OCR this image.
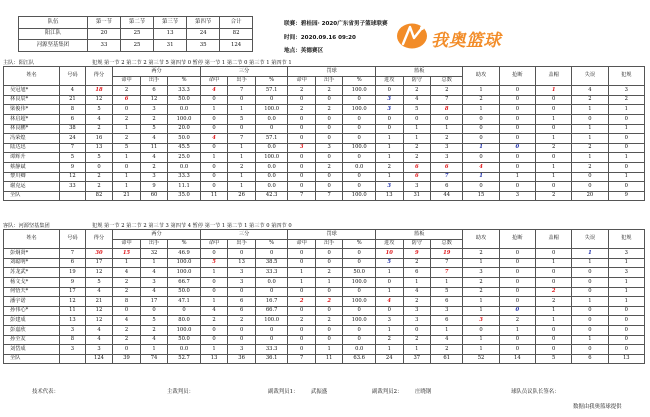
队伍	第一节	第二节	第三节	第四节	合计
阳江队	20	25	13	24	82
河源坚基集团	33	25	31	35	124
联赛：碧桂园· 2020广东省男子篮球联赛
时间：2020.09.16 09:20
地点：英德赛区	我奥篮球
主队：阳江队	犯规 第一节 2 第二节 2 第三节 5 第四节 0 暂停 第一节 1 第二节 0 第三节 1 第四节 1
姓名	号码	得分	两分			三分			罚球			篮板			助攻	抢断	盖帽	失误	犯规
			命中	出手	%	命中	出手	%	命中	出手	%	进攻	防守	总数					
吴冠旭*	4	18	2	6	33.3	4	7	57.1	2	2	100.0	0	2	2	1	0	1	4	3
林良辰*	21	12	6	12	50.0	0	0	0	0	0	0	3	4	7	2	0	0	2	2
梁俊伟*	8	5	0	3	0.0	1	1	100.0	2	2	100.0	3	5	8	1	0	0	1	1
林启超*	6	4	2	2	100.0	0	5	0.0	0	0	0	0	0	0	0	0	1	0	0
林良鹏*	38	2	1	5	20.0	0	0	0	0	0	0	0	1	1	0	0	0	1	1
冯荣煌	24	16	2	4	50.0	4	7	57.1	0	0	0	1	1	2	0	0	1	1	0
陆达迅	7	13	5	11	45.5	0	1	0.0	3	3	100.0	1	2	3	1	0	2	2	0
谭辉升	5	5	1	4	25.0	1	1	100.0	0	0	0	1	2	3	0	0	0	1	1
蔡静斌	9	0	0	2	0.0	0	2	0.0	0	2	0.0	2	6	6	4	0	1	2	0
黎川卿	12	2	1	3	33.3	0	1	0.0	0	0	0	1	6	7	1	1	1	0	1
谢克运	33	2	1	9	11.1	0	1	0.0	0	0	0	3	3	6	0	0	0	0	0
全队		82	21	60	35.0	11	26	42.3	7	7	100.0	13	31	44	15	3	2	20	9
客队：河源坚基集团	犯规 第一节 2 第二节 2 第三节 3 第四节 4 暂停 第一节 1 第二节 1 第三节 0 第四节 0
姓名	号码	得分	两分			三分			罚球			篮板			助攻	抢断	盖帽	失误	犯规
			命中	出手	%	命中	出手	%	命中	出手	%	进攻	防守	总数					
彭炯贤*	7	30	15	32	46.9	0	0	0	0	0	0	10	9	19	2	0	0	1	3
刘聪明*	6	17	1	1	100.0	5	13	38.5	0	0	0	5	2	7	1	0	1	1	1
苏龙武*	19	12	4	4	100.0	1	3	33.3	1	2	50.0	1	6	7	3	0	0	0	3
杨文戈*	9	5	2	3	66.7	0	3	0.0	1	1	100.0	0	1	1	2	0	0	0	1
何悟天*	17	4	2	4	50.0	0	0	0	0	0	0	1	4	5	2	0	2	0	1
潘宇诺	12	21	8	17	47.1	1	6	16.7	2	2	100.0	4	2	6	1	0	2	1	1
孙伟心*	11	12	0	0	0	4	6	66.7	0	0	0	0	3	3	1	0	1	0	0
彭建成	13	12	4	5	80.0	2	2	100.0	2	2	100.0	3	3	6	3	2	1	0	0
彭嘉欣	3	4	2	2	100.0	0	0	0	0	0	0	1	0	1	0	1	0	0	0
孙全友	8	4	2	4	50.0	0	0	0	0	0	0	2	2	4	1	0	0	1	0
刘岱成	3	3	0	1	0.0	1	3	33.3	0	1	0.0	1	1	2	1	0	0	0	0
全队		124	39	74	52.7	13	36	36.1	7	11	63.6	24	37	61	52	14	5	6	13
技术代表：	主裁判员：	副裁判员1： 武振盛	副裁判员2： 庄晓钢	球队员议队长签名：
数据由我奥篮球提供
